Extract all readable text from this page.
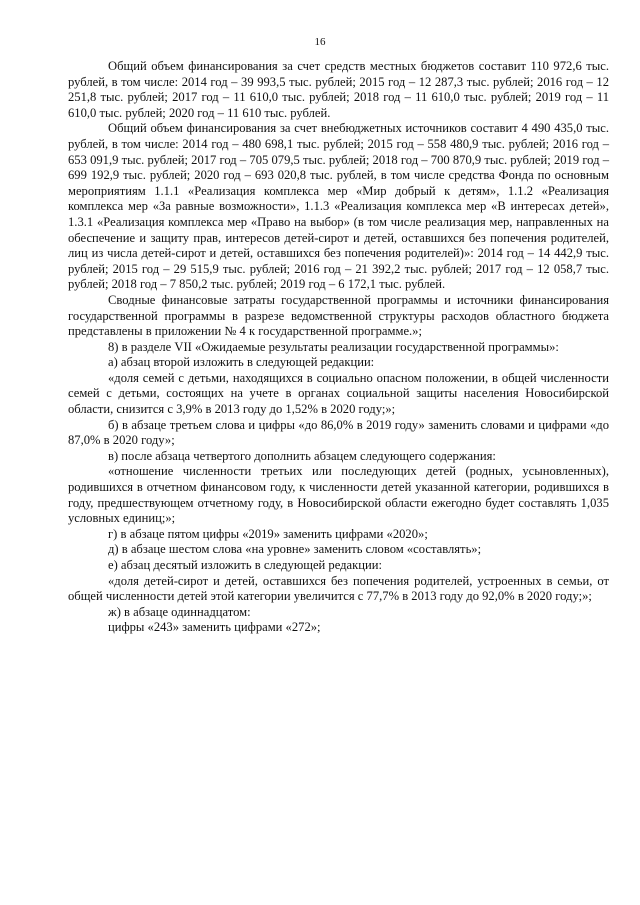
16

Общий объем финансирования за счет средств местных бюджетов составит 110 972,6 тыс. рублей, в том числе: 2014 год – 39 993,5 тыс. рублей; 2015 год – 12 287,3 тыс. рублей; 2016 год – 12 251,8 тыс. рублей; 2017 год – 11 610,0 тыс. рублей; 2018 год – 11 610,0 тыс. рублей; 2019 год – 11 610,0 тыс. рублей; 2020 год – 11 610 тыс. рублей.

Общий объем финансирования за счет внебюджетных источников составит 4 490 435,0 тыс. рублей, в том числе: 2014 год – 480 698,1 тыс. рублей; 2015 год – 558 480,9 тыс. рублей; 2016 год – 653 091,9 тыс. рублей; 2017 год – 705 079,5 тыс. рублей; 2018 год – 700 870,9 тыс. рублей; 2019 год – 699 192,9 тыс. рублей; 2020 год – 693 020,8 тыс. рублей, в том числе средства Фонда по основным мероприятиям 1.1.1 «Реализация комплекса мер «Мир добрый к детям», 1.1.2 «Реализация комплекса мер «За равные возможности», 1.1.3 «Реализация комплекса мер «В интересах детей», 1.3.1 «Реализация комплекса мер «Право на выбор» (в том числе реализация мер, направленных на обеспечение и защиту прав, интересов детей-сирот и детей, оставшихся без попечения родителей, лиц из числа детей-сирот и детей, оставшихся без попечения родителей)»: 2014 год – 14 442,9 тыс. рублей; 2015 год – 29 515,9 тыс. рублей; 2016 год – 21 392,2 тыс. рублей; 2017 год – 12 058,7 тыс. рублей; 2018 год – 7 850,2 тыс. рублей; 2019 год – 6 172,1 тыс. рублей.

Сводные финансовые затраты государственной программы и источники финансирования государственной программы в разрезе ведомственной структуры расходов областного бюджета представлены в приложении № 4 к государственной программе.»;

8) в разделе VII «Ожидаемые результаты реализации государственной программы»:

а) абзац второй изложить в следующей редакции:

«доля семей с детьми, находящихся в социально опасном положении, в общей численности семей с детьми, состоящих на учете в органах социальной защиты населения Новосибирской области, снизится с 3,9% в 2013 году до 1,52% в 2020 году;»;

б) в абзаце третьем слова и цифры «до 86,0% в 2019 году» заменить словами и цифрами «до 87,0% в 2020 году»;

в) после абзаца четвертого дополнить абзацем следующего содержания:

«отношение численности третьих или последующих детей (родных, усыновленных), родившихся в отчетном финансовом году, к численности детей указанной категории, родившихся в году, предшествующем отчетному году, в Новосибирской области ежегодно будет составлять 1,035 условных единиц;»;

г) в абзаце пятом цифры «2019» заменить цифрами «2020»;

д) в абзаце шестом слова «на уровне» заменить словом «составлять»;

е) абзац десятый изложить в следующей редакции:

«доля детей-сирот и детей, оставшихся без попечения родителей, устроенных в семьи, от общей численности детей этой категории увеличится с 77,7% в 2013 году до 92,0% в 2020 году;»;

ж) в абзаце одиннадцатом:

цифры «243» заменить цифрами «272»;
